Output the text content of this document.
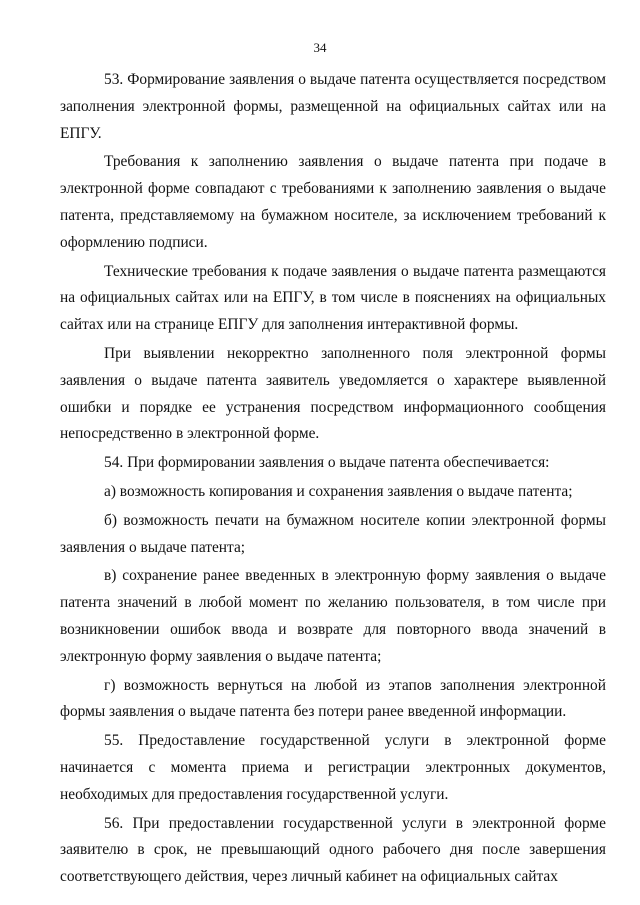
34

53. Формирование заявления о выдаче патента осуществляется посредством заполнения электронной формы, размещенной на официальных сайтах или на ЕПГУ.

Требования к заполнению заявления о выдаче патента при подаче в электронной форме совпадают с требованиями к заполнению заявления о выдаче патента, представляемому на бумажном носителе, за исключением требований к оформлению подписи.

Технические требования к подаче заявления о выдаче патента размещаются на официальных сайтах или на ЕПГУ, в том числе в пояснениях на официальных сайтах или на странице ЕПГУ для заполнения интерактивной формы.

При выявлении некорректно заполненного поля электронной формы заявления о выдаче патента заявитель уведомляется о характере выявленной ошибки и порядке ее устранения посредством информационного сообщения непосредственно в электронной форме.

54. При формировании заявления о выдаче патента обеспечивается:

а) возможность копирования и сохранения заявления о выдаче патента;

б) возможность печати на бумажном носителе копии электронной формы заявления о выдаче патента;

в) сохранение ранее введенных в электронную форму заявления о выдаче патента значений в любой момент по желанию пользователя, в том числе при возникновении ошибок ввода и возврате для повторного ввода значений в электронную форму заявления о выдаче патента;

г) возможность вернуться на любой из этапов заполнения электронной формы заявления о выдаче патента без потери ранее введенной информации.

55. Предоставление государственной услуги в электронной форме начинается с момента приема и регистрации электронных документов, необходимых для предоставления государственной услуги.

56. При предоставлении государственной услуги в электронной форме заявителю в срок, не превышающий одного рабочего дня после завершения соответствующего действия, через личный кабинет на официальных сайтах
